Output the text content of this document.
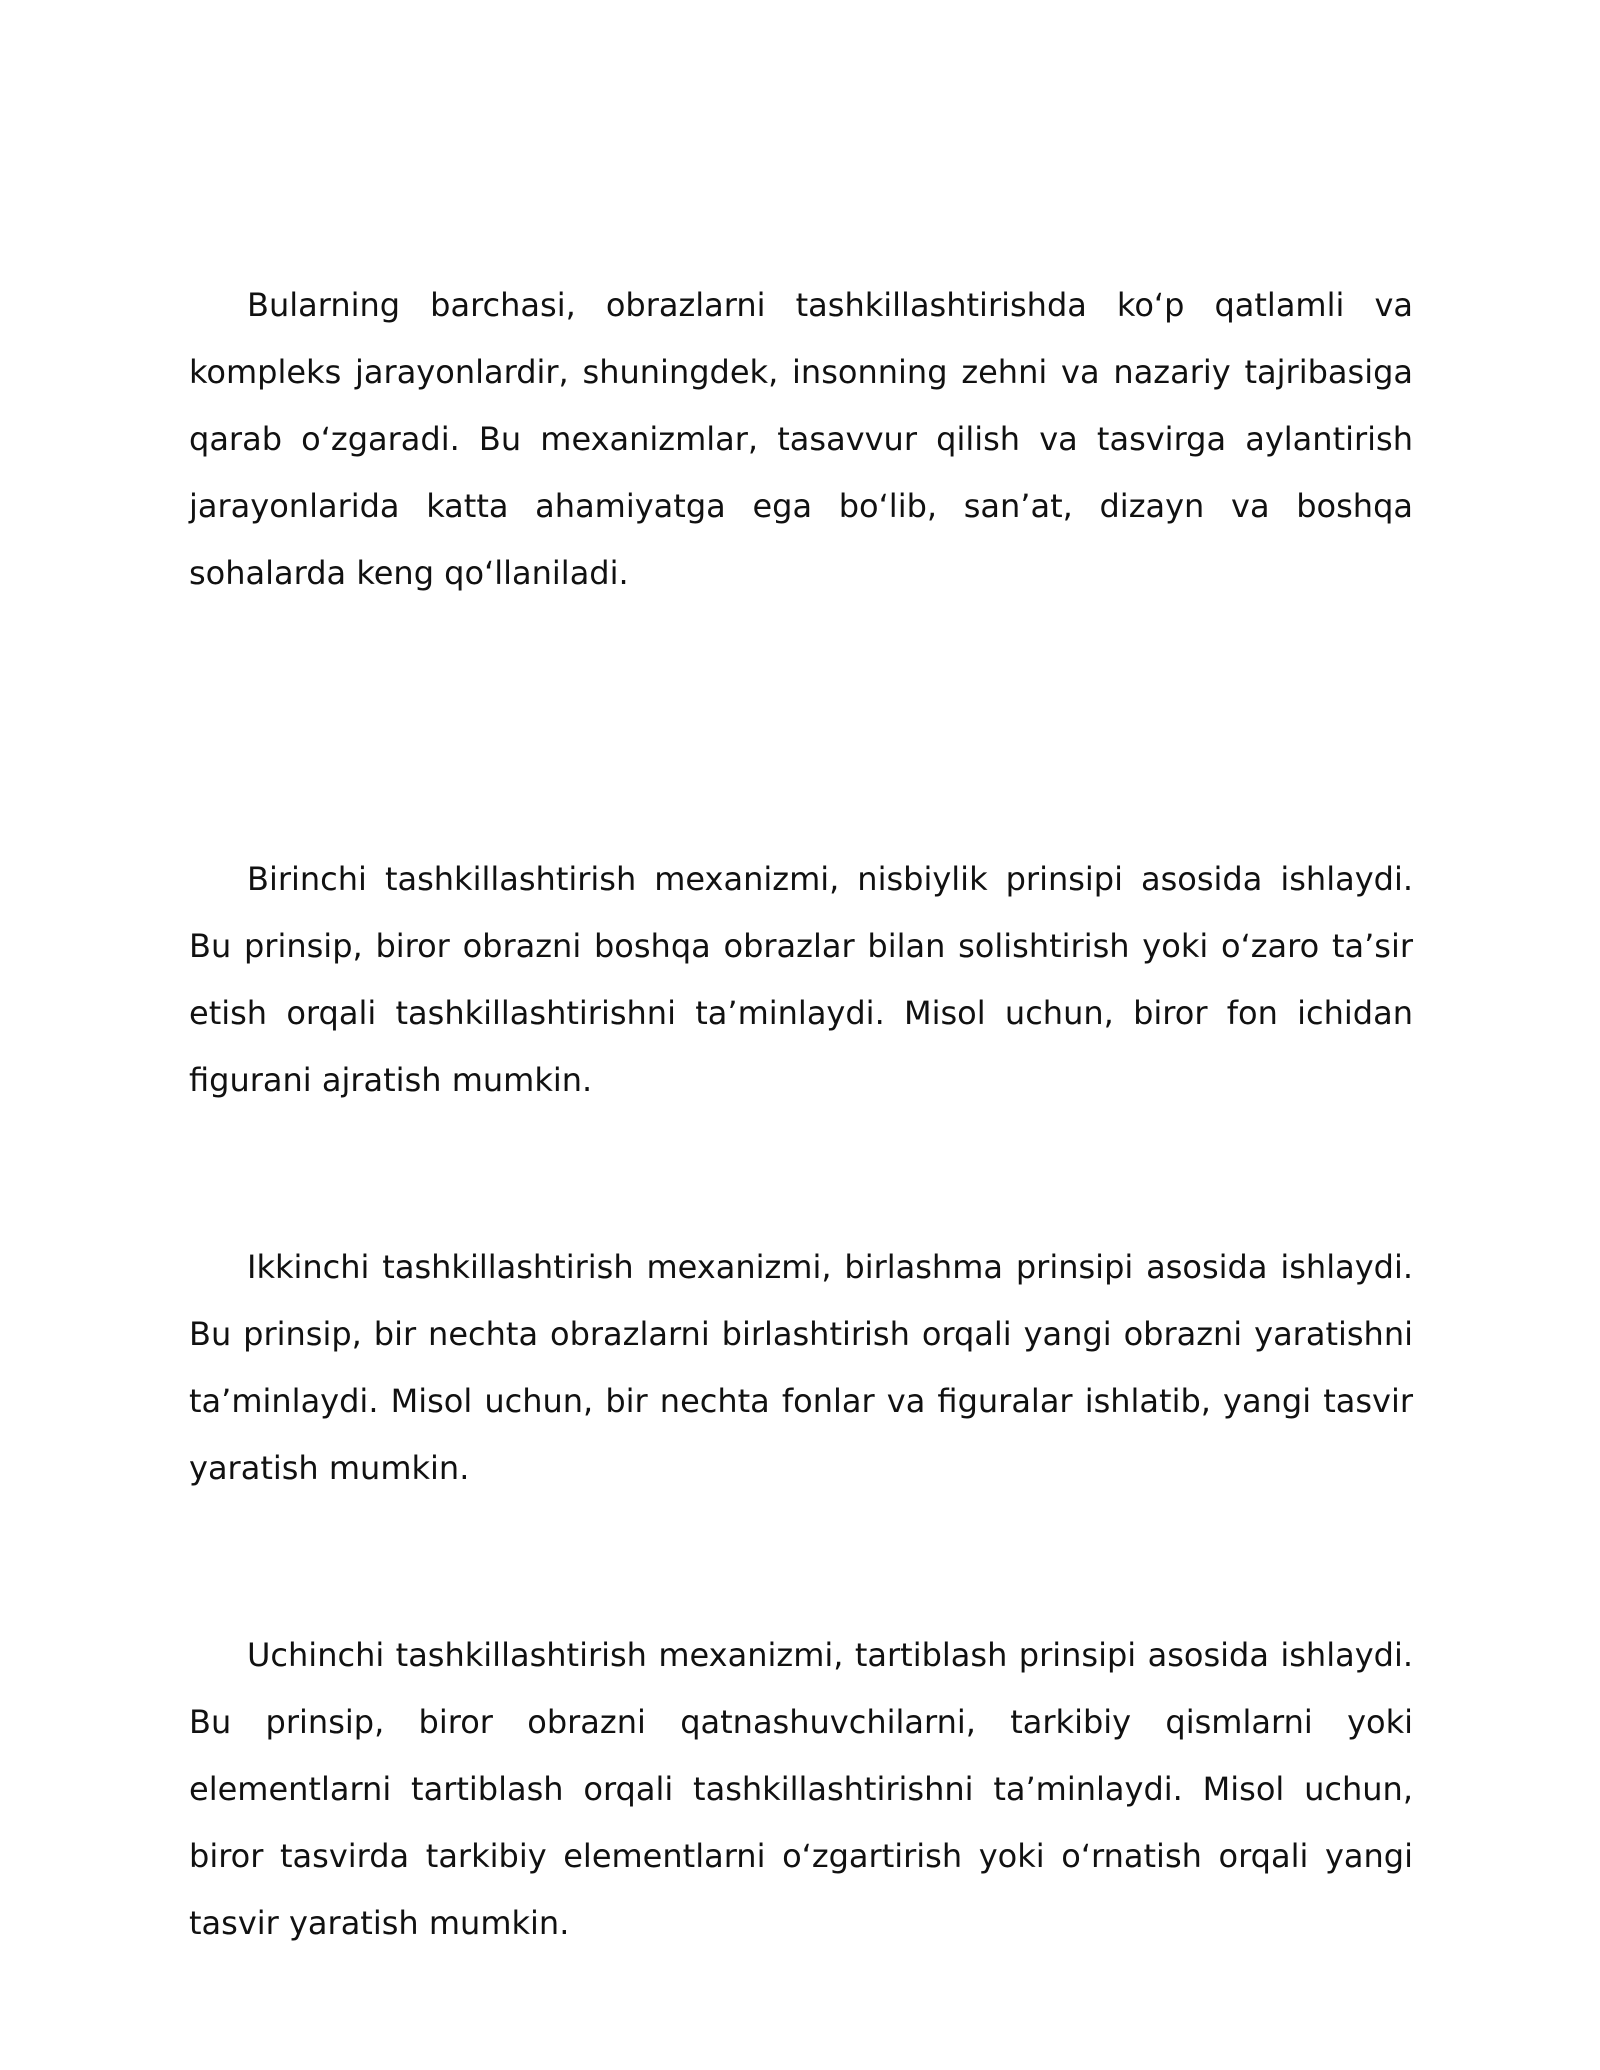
Bularning barchasi, obrazlarni tashkillashtirishda ko‘p qatlamli va kompleks jarayonlardir, shuningdek, insonning zehni va nazariy tajribasiga qarab o‘zgaradi. Bu mexanizmlar, tasavvur qilish va tasvirga aylantirish jarayonlarida katta ahamiyatga ega bo‘lib, san’at, dizayn va boshqa sohalarda keng qo‘llaniladi.

Birinchi tashkillashtirish mexanizmi, nisbiylik prinsipi asosida ishlaydi. Bu prinsip, biror obrazni boshqa obrazlar bilan solishtirish yoki o‘zaro ta’sir etish orqali tashkillashtirishni ta’minlaydi. Misol uchun, biror fon ichidan figurani ajratish mumkin.

Ikkinchi tashkillashtirish mexanizmi, birlashma prinsipi asosida ishlaydi. Bu prinsip, bir nechta obrazlarni birlashtirish orqali yangi obrazni yaratishni ta’minlaydi. Misol uchun, bir nechta fonlar va figuralar ishlatib, yangi tasvir yaratish mumkin.

Uchinchi tashkillashtirish mexanizmi, tartiblash prinsipi asosida ishlaydi. Bu prinsip, biror obrazni qatnashuvchilarni, tarkibiy qismlarni yoki elementlarni tartiblash orqali tashkillashtirishni ta’minlaydi. Misol uchun, biror tasvirda tarkibiy elementlarni o‘zgartirish yoki o‘rnatish orqali yangi tasvir yaratish mumkin.
